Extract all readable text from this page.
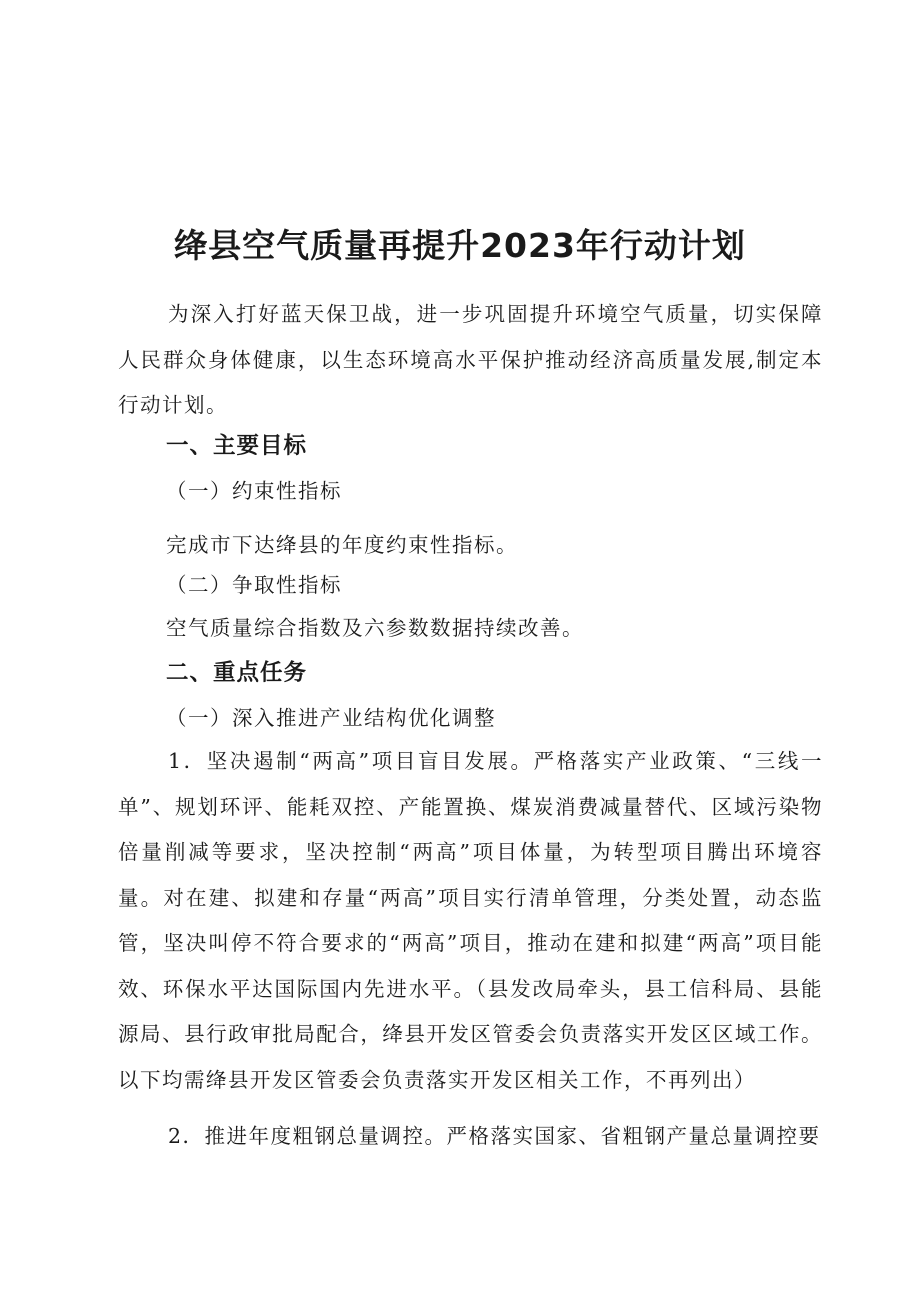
绛县空气质量再提升2023年行动计划

为深入打好蓝天保卫战，进一步巩固提升环境空气质量，切实保障人民群众身体健康，以生态环境高水平保护推动经济高质量发展,制定本行动计划。

一、主要目标

（一）约束性指标

完成市下达绛县的年度约束性指标。

（二）争取性指标

空气质量综合指数及六参数数据持续改善。

二、重点任务

（一）深入推进产业结构优化调整

1．坚决遏制“两高”项目盲目发展。严格落实产业政策、“三线一单”、规划环评、能耗双控、产能置换、煤炭消费减量替代、区域污染物倍量削减等要求，坚决控制“两高”项目体量，为转型项目腾出环境容量。对在建、拟建和存量“两高”项目实行清单管理，分类处置，动态监管，坚决叫停不符合要求的“两高”项目，推动在建和拟建“两高”项目能效、环保水平达国际国内先进水平。（县发改局牵头，县工信科局、县能源局、县行政审批局配合，绛县开发区管委会负责落实开发区区域工作。以下均需绛县开发区管委会负责落实开发区相关工作，不再列出）

2．推进年度粗钢总量调控。严格落实国家、省粗钢产量总量调控要
